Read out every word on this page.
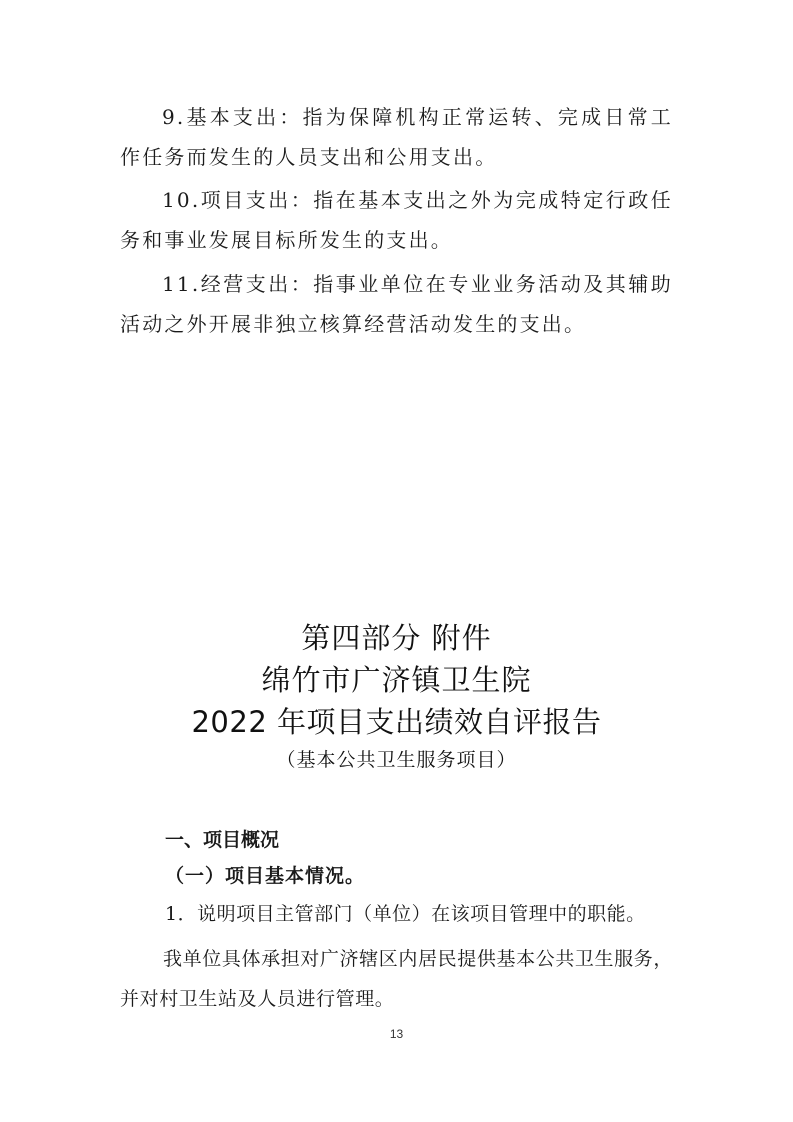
9.基本支出：指为保障机构正常运转、完成日常工作任务而发生的人员支出和公用支出。

10.项目支出：指在基本支出之外为完成特定行政任务和事业发展目标所发生的支出。

11.经营支出：指事业单位在专业业务活动及其辅助活动之外开展非独立核算经营活动发生的支出。

第四部分 附件
绵竹市广济镇卫生院
2022 年项目支出绩效自评报告
（基本公共卫生服务项目）
一、项目概况
（一）项目基本情况。
1．说明项目主管部门（单位）在该项目管理中的职能。

我单位具体承担对广济辖区内居民提供基本公共卫生服务，并对村卫生站及人员进行管理。

13
